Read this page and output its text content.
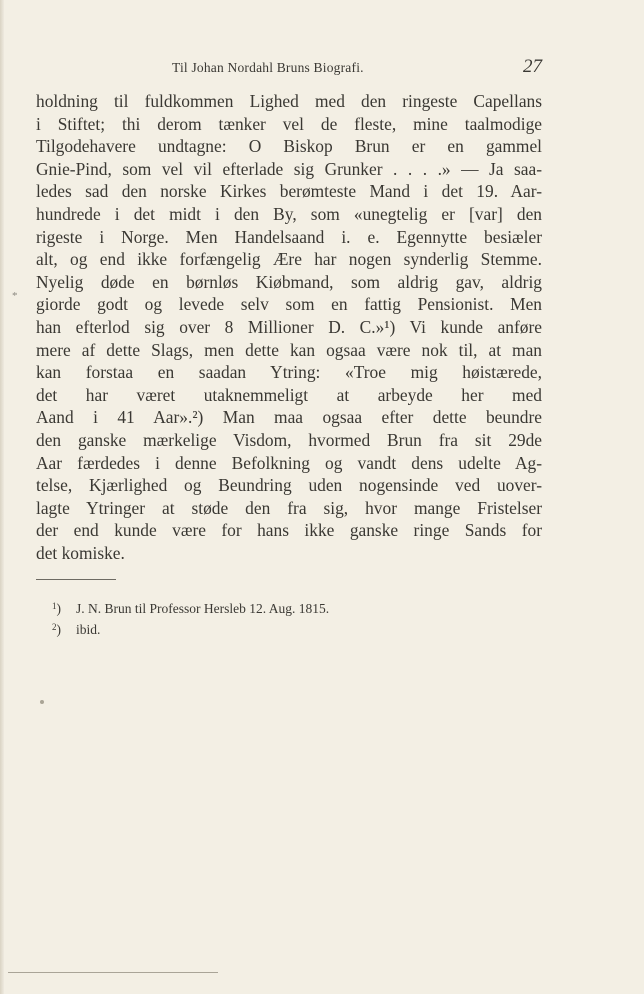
Til Johan Nordahl Bruns Biografi.	27
holdning til fuldkommen Lighed med den ringeste Capellans
i Stiftet; thi derom tænker vel de fleste, mine taalmodige
Tilgodehavere undtagne: O Biskop Brun er en gammel
Gnie-Pind, som vel vil efterlade sig Grunker . . . .» — Ja saa-
ledes sad den norske Kirkes berømteste Mand i det 19. Aar-
hundrede i det midt i den By, som «unegtelig er [var] den
rigeste i Norge. Men Handelsaand i. e. Egennytte besiæler
alt, og end ikke forfængelig Ære har nogen synderlig Stemme.
Nyelig døde en børnløs Kiøbmand, som aldrig gav, aldrig
giorde godt og levede selv som en fattig Pensionist. Men
han efterlod sig over 8 Millioner D. C.»¹) Vi kunde anføre
mere af dette Slags, men dette kan ogsaa være nok til, at man
kan forstaa en saadan Ytring: «Troe mig høistærede,
det har været utaknemmeligt at arbeyde her med
Aand i 41 Aar».²) Man maa ogsaa efter dette beundre
den ganske mærkelige Visdom, hvormed Brun fra sit 29de
Aar færdedes i denne Befolkning og vandt dens udelte Ag-
telse, Kjærlighed og Beundring uden nogensinde ved uover-
lagte Ytringer at støde den fra sig, hvor mange Fristelser
der end kunde være for hans ikke ganske ringe Sands for
det komiske.
$^1$) J. N. Brun til Professor Hersleb 12. Aug. 1815.
$^2$) ibid.
*
